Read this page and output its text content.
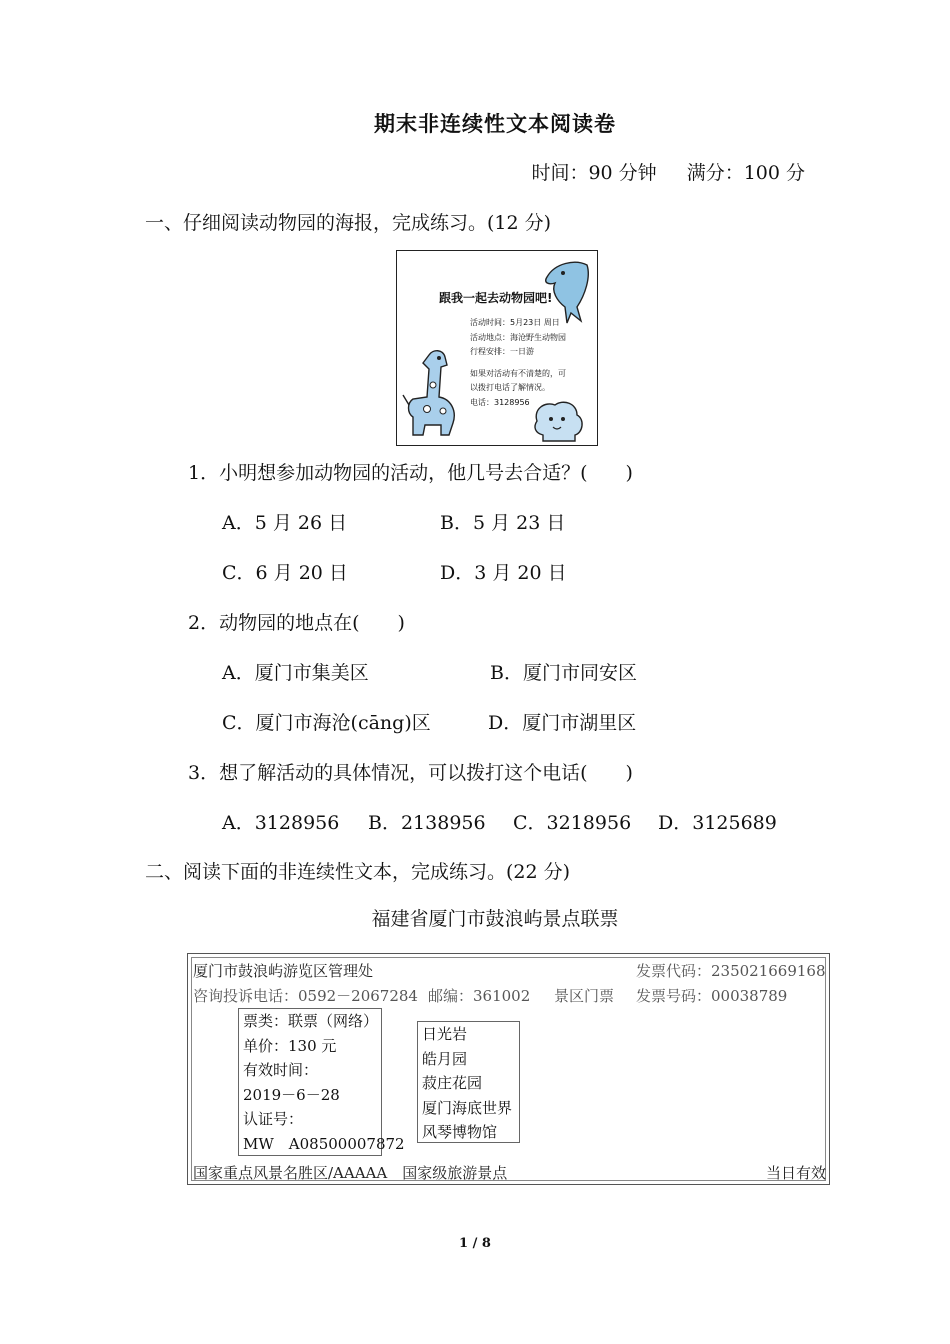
期末非连续性文本阅读卷
时间：90 分钟 满分：100 分
一、仔细阅读动物园的海报，完成练习。(12 分)
跟我一起去动物园吧!
活动时间：5月23日 周日
活动地点：海沧野生动物园
行程安排：一日游
如果对活动有不清楚的，可
以拨打电话了解情况。
电话：3128956
1．小明想参加动物园的活动，他几号去合适？(　　)
A．5 月 26 日	B．5 月 23 日
C．6 月 20 日	D．3 月 20 日
2．动物园的地点在(　　)
A．厦门市集美区	B．厦门市同安区
C．厦门市海沧(cāng)区	D．厦门市湖里区
3．想了解活动的具体情况，可以拨打这个电话(　　)
A．3128956 B．2138956 C．3218956 D．3125689
二、阅读下面的非连续性文本，完成练习。(22 分)
福建省厦门市鼓浪屿景点联票
厦门市鼓浪屿游览区管理处	发票代码：235021669168
咨询投诉电话：0592－2067284 邮编：361002 景区门票 发票号码：00038789
票类：联票（网络）
单价：130 元
有效时间：
2019－6－28
认证号：
MW　A08500007872
日光岩
皓月园
菽庄花园
厦门海底世界
风琴博物馆
国家重点风景名胜区/AAAAA　国家级旅游景点	当日有效
1 / 8
